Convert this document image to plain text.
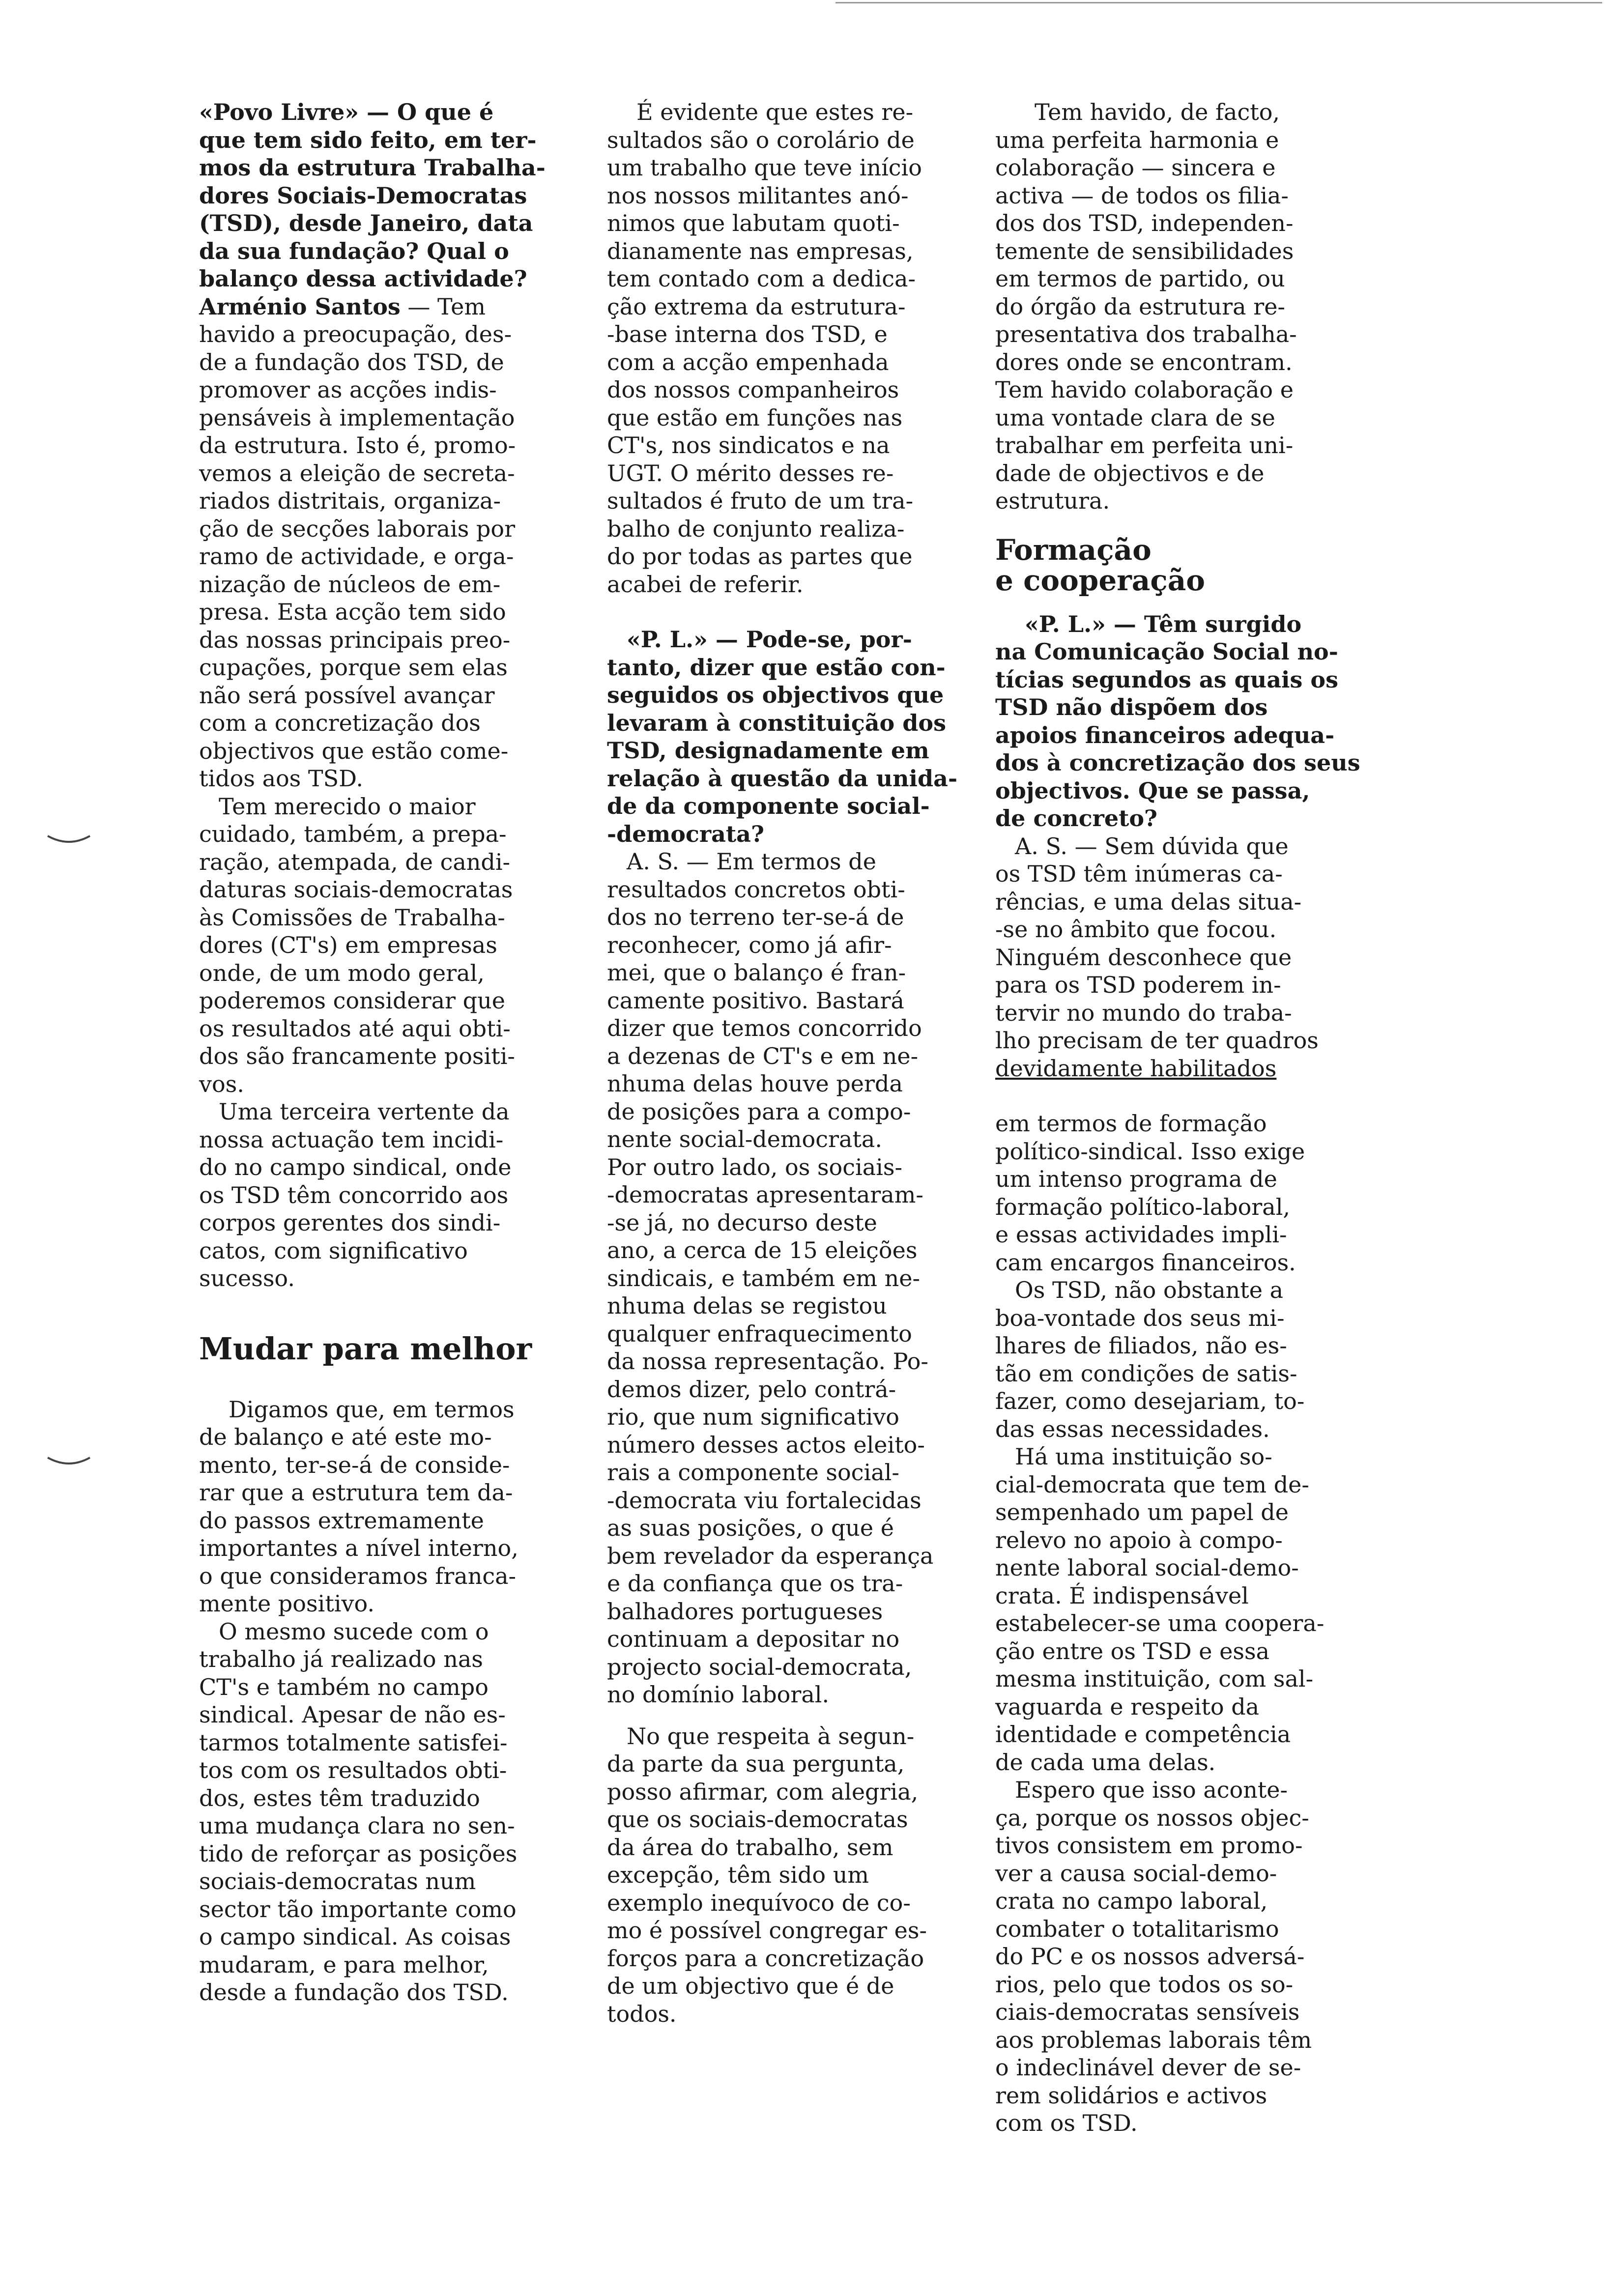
«Povo Livre» — O que é
que tem sido feito, em ter-
mos da estrutura Trabalha-
dores Sociais-Democratas
(TSD), desde Janeiro, data
da sua fundação? Qual o
balanço dessa actividade?
Arménio Santos — Tem
havido a preocupação, des-
de a fundação dos TSD, de
promover as acções indis-
pensáveis à implementação
da estrutura. Isto é, promo-
vemos a eleição de secreta-
riados distritais, organiza-
ção de secções laborais por
ramo de actividade, e orga-
nização de núcleos de em-
presa. Esta acção tem sido
das nossas principais preo-
cupações, porque sem elas
não será possível avançar
com a concretização dos
objectivos que estão come-
tidos aos TSD.
Tem merecido o maior
cuidado, também, a prepa-
ração, atempada, de candi-
daturas sociais-democratas
às Comissões de Trabalha-
dores (CT's) em empresas
onde, de um modo geral,
poderemos considerar que
os resultados até aqui obti-
dos são francamente positi-
vos.
Uma terceira vertente da
nossa actuação tem incidi-
do no campo sindical, onde
os TSD têm concorrido aos
corpos gerentes dos sindi-
catos, com significativo
sucesso.
Mudar para melhor
Digamos que, em termos
de balanço e até este mo-
mento, ter-se-á de conside-
rar que a estrutura tem da-
do passos extremamente
importantes a nível interno,
o que consideramos franca-
mente positivo.
O mesmo sucede com o
trabalho já realizado nas
CT's e também no campo
sindical. Apesar de não es-
tarmos totalmente satisfei-
tos com os resultados obti-
dos, estes têm traduzido
uma mudança clara no sen-
tido de reforçar as posições
sociais-democratas num
sector tão importante como
o campo sindical. As coisas
mudaram, e para melhor,
desde a fundação dos TSD.
É evidente que estes re-
sultados são o corolário de
um trabalho que teve início
nos nossos militantes anó-
nimos que labutam quoti-
dianamente nas empresas,
tem contado com a dedica-
ção extrema da estrutura-
-base interna dos TSD, e
com a acção empenhada
dos nossos companheiros
que estão em funções nas
CT's, nos sindicatos e na
UGT. O mérito desses re-
sultados é fruto de um tra-
balho de conjunto realiza-
do por todas as partes que
acabei de referir.
«P. L.» — Pode-se, por-
tanto, dizer que estão con-
seguidos os objectivos que
levaram à constituição dos
TSD, designadamente em
relação à questão da unida-
de da componente social-
-democrata?
A. S. — Em termos de
resultados concretos obti-
dos no terreno ter-se-á de
reconhecer, como já afir-
mei, que o balanço é fran-
camente positivo. Bastará
dizer que temos concorrido
a dezenas de CT's e em ne-
nhuma delas houve perda
de posições para a compo-
nente social-democrata.
Por outro lado, os sociais-
-democratas apresentaram-
-se já, no decurso deste
ano, a cerca de 15 eleições
sindicais, e também em ne-
nhuma delas se registou
qualquer enfraquecimento
da nossa representação. Po-
demos dizer, pelo contrá-
rio, que num significativo
número desses actos eleito-
rais a componente social-
-democrata viu fortalecidas
as suas posições, o que é
bem revelador da esperança
e da confiança que os tra-
balhadores portugueses
continuam a depositar no
projecto social-democrata,
no domínio laboral.
No que respeita à segun-
da parte da sua pergunta,
posso afirmar, com alegria,
que os sociais-democratas
da área do trabalho, sem
excepção, têm sido um
exemplo inequívoco de co-
mo é possível congregar es-
forços para a concretização
de um objectivo que é de
todos.
Tem havido, de facto,
uma perfeita harmonia e
colaboração — sincera e
activa — de todos os filia-
dos dos TSD, independen-
temente de sensibilidades
em termos de partido, ou
do órgão da estrutura re-
presentativa dos trabalha-
dores onde se encontram.
Tem havido colaboração e
uma vontade clara de se
trabalhar em perfeita uni-
dade de objectivos e de
estrutura.
Formação
e cooperação
«P. L.» — Têm surgido
na Comunicação Social no-
tícias segundos as quais os
TSD não dispõem dos
apoios financeiros adequa-
dos à concretização dos seus
objectivos. Que se passa,
de concreto?
A. S. — Sem dúvida que
os TSD têm inúmeras ca-
rências, e uma delas situa-
-se no âmbito que focou.
Ninguém desconhece que
para os TSD poderem in-
tervir no mundo do traba-
lho precisam de ter quadros
devidamente habilitados
em termos de formação
político-sindical. Isso exige
um intenso programa de
formação político-laboral,
e essas actividades impli-
cam encargos financeiros.
Os TSD, não obstante a
boa-vontade dos seus mi-
lhares de filiados, não es-
tão em condições de satis-
fazer, como desejariam, to-
das essas necessidades.
Há uma instituição so-
cial-democrata que tem de-
sempenhado um papel de
relevo no apoio à compo-
nente laboral social-demo-
crata. É indispensável
estabelecer-se uma coopera-
ção entre os TSD e essa
mesma instituição, com sal-
vaguarda e respeito da
identidade e competência
de cada uma delas.
Espero que isso aconte-
ça, porque os nossos objec-
tivos consistem em promo-
ver a causa social-demo-
crata no campo laboral,
combater o totalitarismo
do PC e os nossos adversá-
rios, pelo que todos os so-
ciais-democratas sensíveis
aos problemas laborais têm
o indeclinável dever de se-
rem solidários e activos
com os TSD.
